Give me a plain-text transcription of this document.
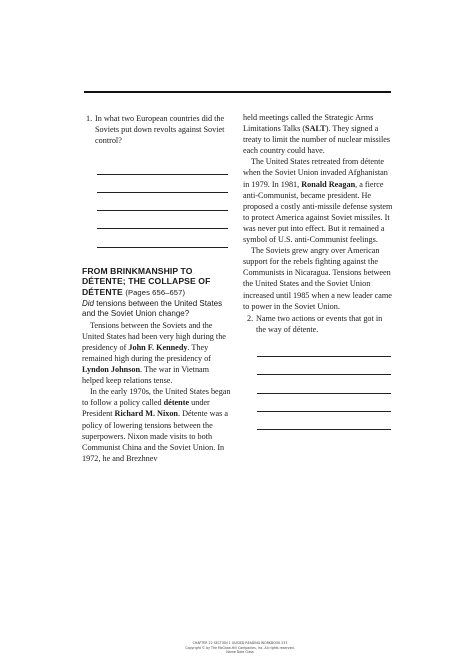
1. In what two European countries did the Soviets put down revolts against Soviet control?
FROM BRINKMANSHIP TO DÉTENTE; THE COLLAPSE OF DÉTENTE (Pages 656–657)
Did tensions between the United States and the Soviet Union change?

Tensions between the Soviets and the United States had been very high during the presidency of John F. Kennedy. They remained high during the presidency of Lyndon Johnson. The war in Vietnam helped keep relations tense.

In the early 1970s, the United States began to follow a policy called détente under President Richard M. Nixon. Détente was a policy of lowering tensions between the superpowers. Nixon made visits to both Communist China and the Soviet Union. In 1972, he and Brezhnev

held meetings called the Strategic Arms Limitations Talks (SALT). They signed a treaty to limit the number of nuclear missiles each country could have.

The United States retreated from détente when the Soviet Union invaded Afghanistan in 1979. In 1981, Ronald Reagan, a fierce anti-Communist, became president. He proposed a costly anti-missile defense system to protect America against Soviet missiles. It was never put into effect. But it remained a symbol of U.S. anti-Communist feelings.

The Soviets grew angry over American support for the rebels fighting against the Communists in Nicaragua. Tensions between the United States and the Soviet Union increased until 1985 when a new leader came to power in the Soviet Union.

2. Name two actions or events that got in the way of détente.
CHAPTER 22 SECTION 1 GUIDED READING WORKBOOK 233
Copyright © by The McGraw-Hill Companies, Inc. All rights reserved.
Name Date Class
